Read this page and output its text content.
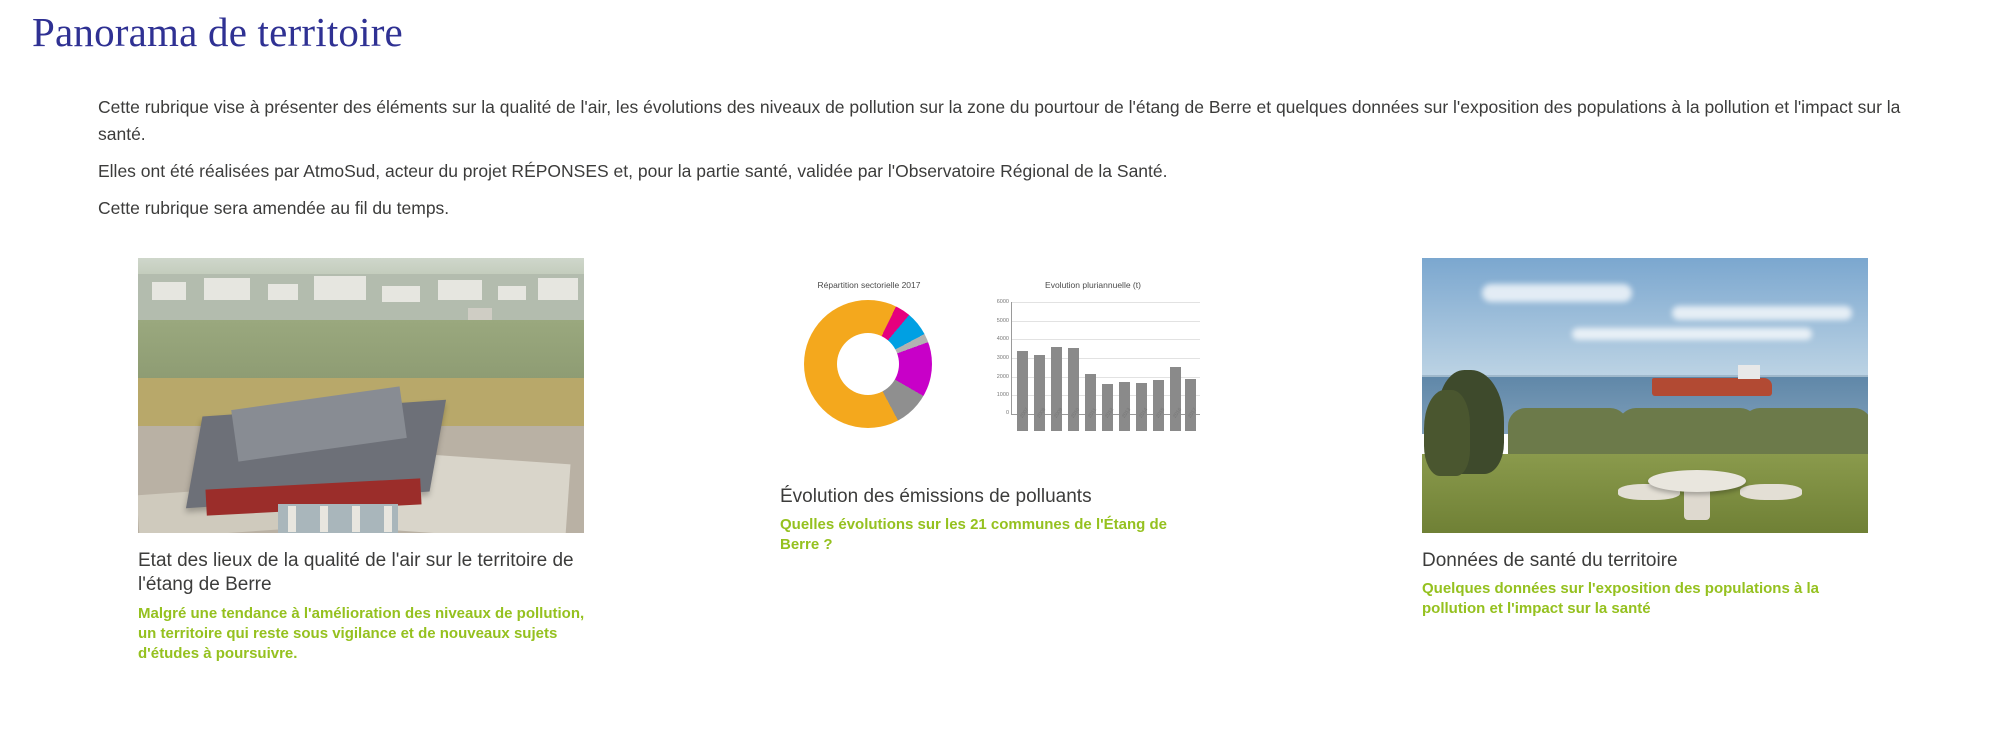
Panorama de territoire

Cette rubrique vise à présenter des éléments sur la qualité de l'air, les évolutions des niveaux de pollution sur la zone du pourtour de l'étang de Berre et quelques données sur l'exposition des populations à la pollution et l'impact sur la santé.

Elles ont été réalisées par AtmoSud, acteur du projet RÉPONSES et, pour la partie santé, validée par l'Observatoire Régional de la Santé.

Cette rubrique sera amendée au fil du temps.

Etat des lieux de la qualité de l'air sur le territoire de l'étang de Berre

Malgré une tendance à l'amélioration des niveaux de pollution, un territoire qui reste sous vigilance et de nouveaux sujets d'études à poursuivre.

Répartition sectorielle 2017	Evolution pluriannuelle (t)
6000
5000
4000
3000
2000
1000
0 2007 2008 2009 2010 2011 2012 2013 2014 2015 2016 2017
Évolution des émissions de polluants

Quelles évolutions sur les 21 communes de l'Étang de Berre ?

Données de santé du territoire

Quelques données sur l'exposition des populations à la pollution et l'impact sur la santé
